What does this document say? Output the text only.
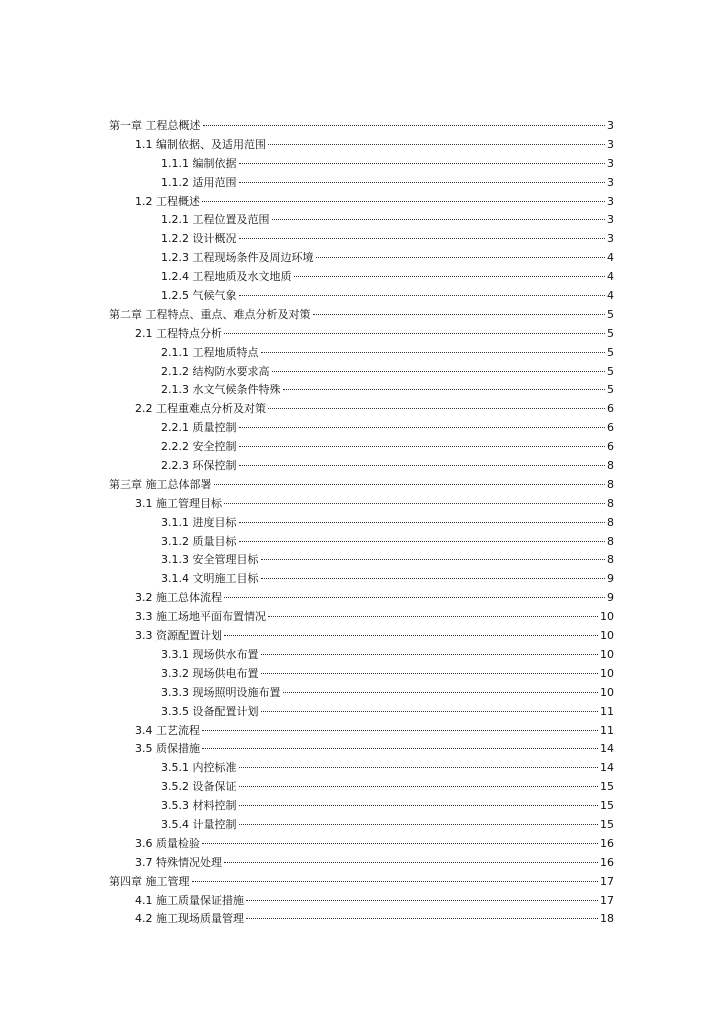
第一章 工程总概述	3
1.1 编制依据、及适用范围	3
1.1.1 编制依据	3
1.1.2 适用范围	3
1.2 工程概述	3
1.2.1 工程位置及范围	3
1.2.2 设计概况	3
1.2.3 工程现场条件及周边环境	4
1.2.4 工程地质及水文地质	4
1.2.5 气候气象	4
第二章 工程特点、重点、难点分析及对策	5
2.1 工程特点分析	5
2.1.1 工程地质特点	5
2.1.2 结构防水要求高	5
2.1.3 水文气候条件特殊	5
2.2 工程重难点分析及对策	6
2.2.1 质量控制	6
2.2.2 安全控制	6
2.2.3 环保控制	8
第三章 施工总体部署	8
3.1 施工管理目标	8
3.1.1 进度目标	8
3.1.2 质量目标	8
3.1.3 安全管理目标	8
3.1.4 文明施工目标	9
3.2 施工总体流程	9
3.3 施工场地平面布置情况	10
3.3 资源配置计划	10
3.3.1 现场供水布置	10
3.3.2 现场供电布置	10
3.3.3 现场照明设施布置	10
3.3.5 设备配置计划	11
3.4 工艺流程	11
3.5 质保措施	14
3.5.1 内控标准	14
3.5.2 设备保证	15
3.5.3 材料控制	15
3.5.4 计量控制	15
3.6 质量检验	16
3.7 特殊情况处理	16
第四章 施工管理	17
4.1 施工质量保证措施	17
4.2 施工现场质量管理	18
